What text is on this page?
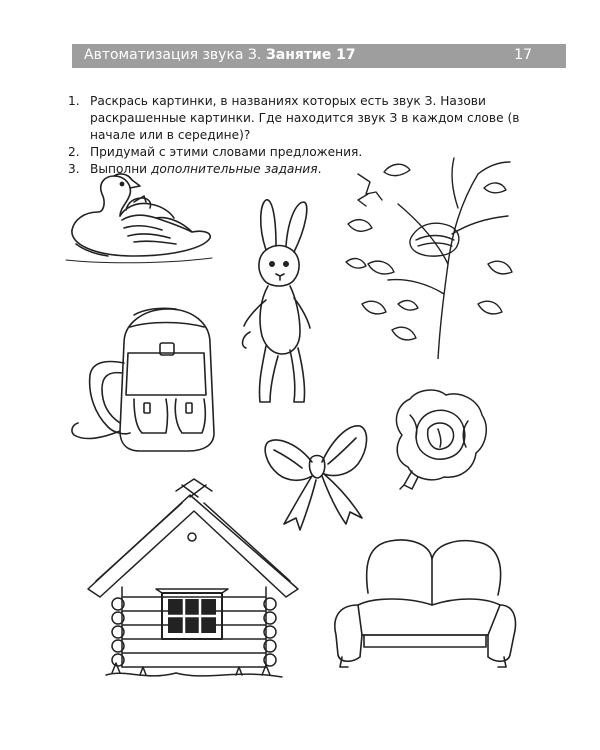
Автоматизация звука З. Занятие 17	17
1. Раскрась картинки, в названиях которых есть звук З. Назови раскрашенные картинки. Где находится звук З в каждом слове (в начале или в середине)?
2. Придумай с этими словами предложения.
3. Выполни дополнительные задания.
